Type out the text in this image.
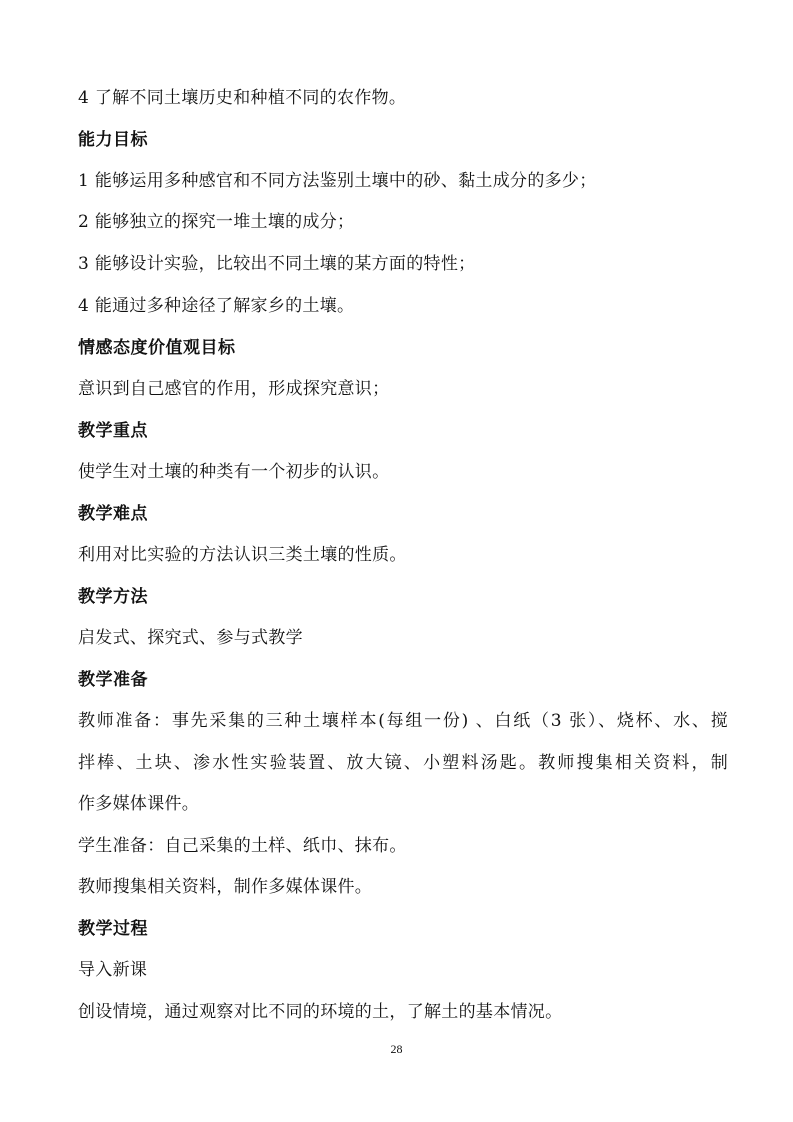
4 了解不同土壤历史和种植不同的农作物。
能力目标
1 能够运用多种感官和不同方法鉴别土壤中的砂、黏土成分的多少；
2 能够独立的探究一堆土壤的成分；
3 能够设计实验，比较出不同土壤的某方面的特性；
4 能通过多种途径了解家乡的土壤。
情感态度价值观目标
意识到自己感官的作用，形成探究意识；
教学重点
使学生对土壤的种类有一个初步的认识。
教学难点
利用对比实验的方法认识三类土壤的性质。
教学方法
启发式、探究式、参与式教学
教学准备
教师准备：事先采集的三种土壤样本(每组一份) 、白纸（3 张）、烧杯、水、搅
拌棒、土块、渗水性实验装置、放大镜、小塑料汤匙。教师搜集相关资料，制
作多媒体课件。
学生准备：自己采集的土样、纸巾、抹布。
教师搜集相关资料，制作多媒体课件。
教学过程
导入新课
创设情境，通过观察对比不同的环境的土，了解土的基本情况。
28
